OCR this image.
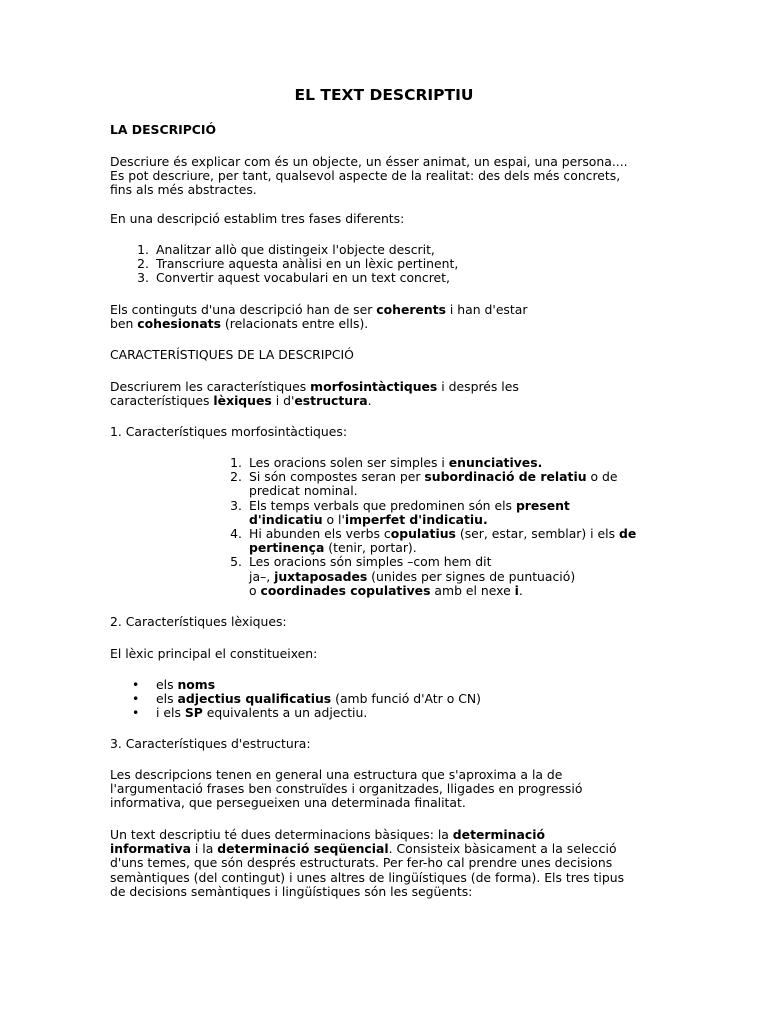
EL TEXT DESCRIPTIU
LA DESCRIPCIÓ
Descriure és explicar com és un objecte, un ésser animat, un espai, una persona....
Es pot descriure, per tant, qualsevol aspecte de la realitat: des dels més concrets,
fins als més abstractes.
En una descripció establim tres fases diferents:
1. Analitzar allò que distingeix l'objecte descrit,
2. Transcriure aquesta anàlisi en un lèxic pertinent,
3. Convertir aquest vocabulari en un text concret,
Els continguts d'una descripció han de ser coherents i han d'estar
ben cohesionats (relacionats entre ells).
CARACTERÍSTIQUES DE LA DESCRIPCIÓ
Descriurem les característiques morfosintàctiques i després les
característiques lèxiques i d'estructura.
1. Característiques morfosintàctiques:
1. Les oracions solen ser simples i enunciatives.
2. Si són compostes seran per subordinació de relatiu o de
predicat nominal.
3. Els temps verbals que predominen són els present
d'indicatiu o l'imperfet d'indicatiu.
4. Hi abunden els verbs copulatius (ser, estar, semblar) i els de
pertinença (tenir, portar).
5. Les oracions són simples –com hem dit
ja–, juxtaposades (unides per signes de puntuació)
o coordinades copulatives amb el nexe i.
2. Característiques lèxiques:
El lèxic principal el constitueixen:
• els noms
• els adjectius qualificatius (amb funció d'Atr o CN)
• i els SP equivalents a un adjectiu.
3. Característiques d'estructura:
Les descripcions tenen en general una estructura que s'aproxima a la de
l'argumentació frases ben construïdes i organitzades, lligades en progressió
informativa, que persegueixen una determinada finalitat.
Un text descriptiu té dues determinacions bàsiques: la determinació
informativa i la determinació seqüencial. Consisteix bàsicament a la selecció
d'uns temes, que són després estructurats. Per fer-ho cal prendre unes decisions
semàntiques (del contingut) i unes altres de lingüístiques (de forma). Els tres tipus
de decisions semàntiques i lingüístiques són les següents:
